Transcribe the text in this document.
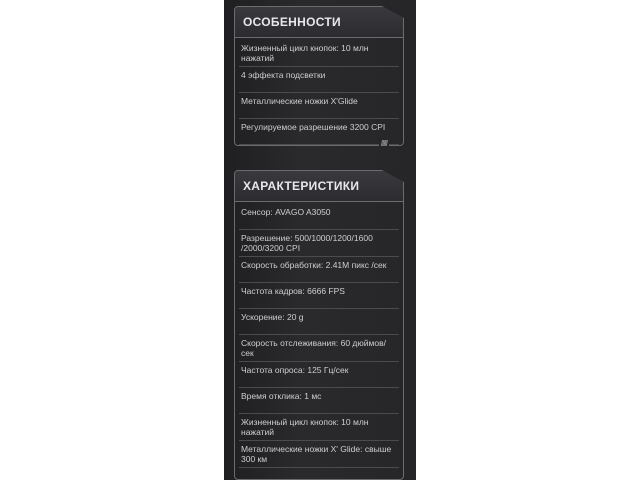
ОСОБЕННОСТИ
Жизненный цикл кнопок: 10 млн нажатий
4 эффекта подсветки
Металлические ножки X'Glide
Регулируемое разрешение 3200 CPI
/////
ХАРАКТЕРИСТИКИ
Сенсор: AVAGO A3050
Разрешение: 500/1000/1200/1600 /2000/3200 CPI
Скорость обработки: 2.41M пикс /сек
Частота кадров: 6666 FPS
Ускорение: 20 g
Скорость отслеживания: 60 дюймов/сек
Частота опроса: 125 Гц/сек
Время отклика: 1 мс
Жизненный цикл кнопок: 10 млн нажатий
Металлические ножки X' Glide: свыше 300 км
